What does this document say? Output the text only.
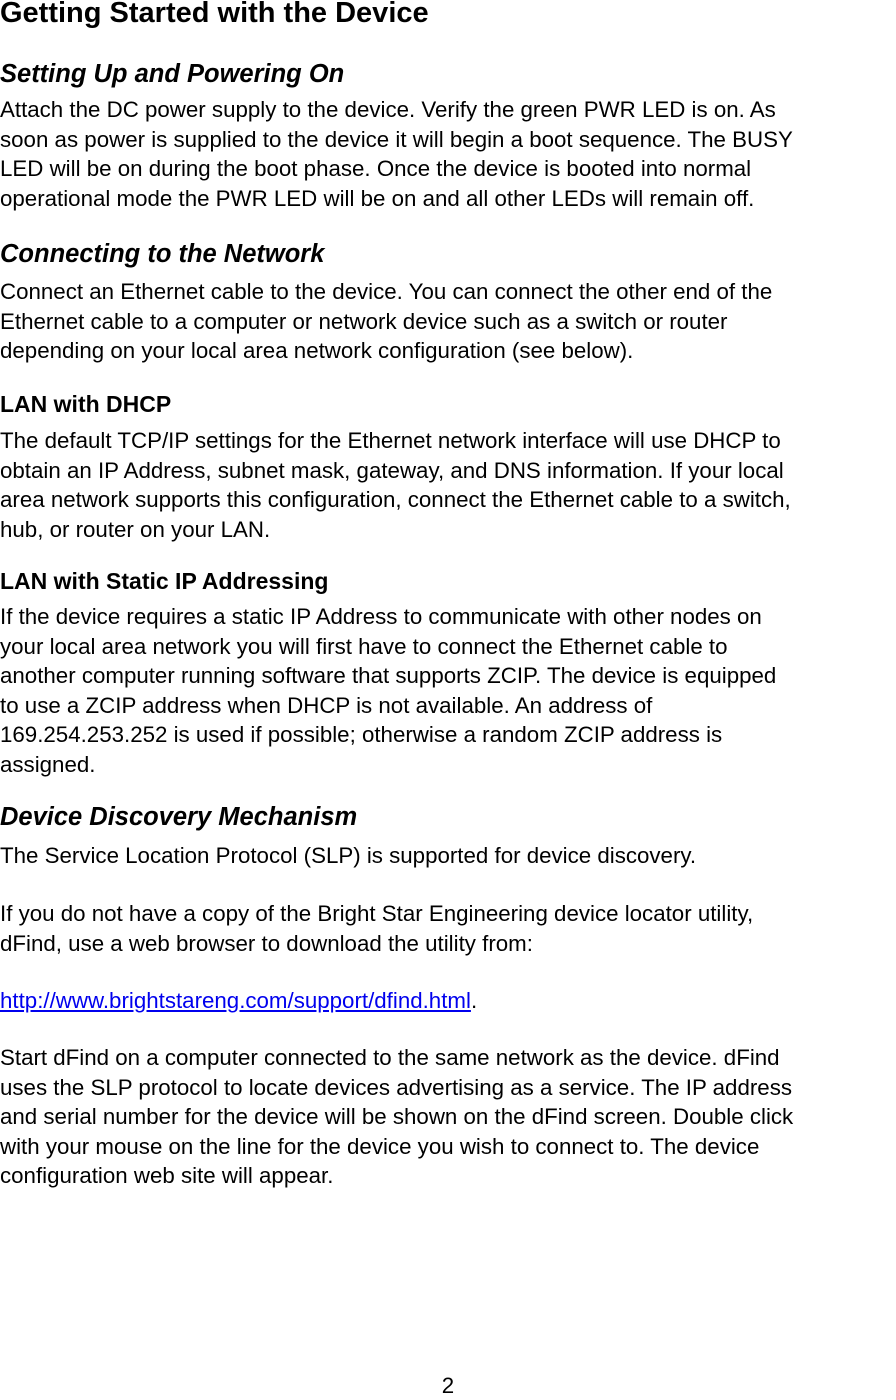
Getting Started with the Device
Setting Up and Powering On
Attach the DC power supply to the device. Verify the green PWR LED is on. As
soon as power is supplied to the device it will begin a boot sequence. The BUSY
LED will be on during the boot phase. Once the device is booted into normal
operational mode the PWR LED will be on and all other LEDs will remain off.
Connecting to the Network
Connect an Ethernet cable to the device. You can connect the other end of the
Ethernet cable to a computer or network device such as a switch or router
depending on your local area network configuration (see below).
LAN with DHCP
The default TCP/IP settings for the Ethernet network interface will use DHCP to
obtain an IP Address, subnet mask, gateway, and DNS information. If your local
area network supports this configuration, connect the Ethernet cable to a switch,
hub, or router on your LAN.
LAN with Static IP Addressing
If the device requires a static IP Address to communicate with other nodes on
your local area network you will first have to connect the Ethernet cable to
another computer running software that supports ZCIP. The device is equipped
to use a ZCIP address when DHCP is not available. An address of
169.254.253.252 is used if possible; otherwise a random ZCIP address is
assigned.
Device Discovery Mechanism
The Service Location Protocol (SLP) is supported for device discovery.
If you do not have a copy of the Bright Star Engineering device locator utility,
dFind, use a web browser to download the utility from:
http://www.brightstareng.com/support/dfind.html.
Start dFind on a computer connected to the same network as the device. dFind
uses the SLP protocol to locate devices advertising as a service. The IP address
and serial number for the device will be shown on the dFind screen. Double click
with your mouse on the line for the device you wish to connect to. The device
configuration web site will appear.
2
